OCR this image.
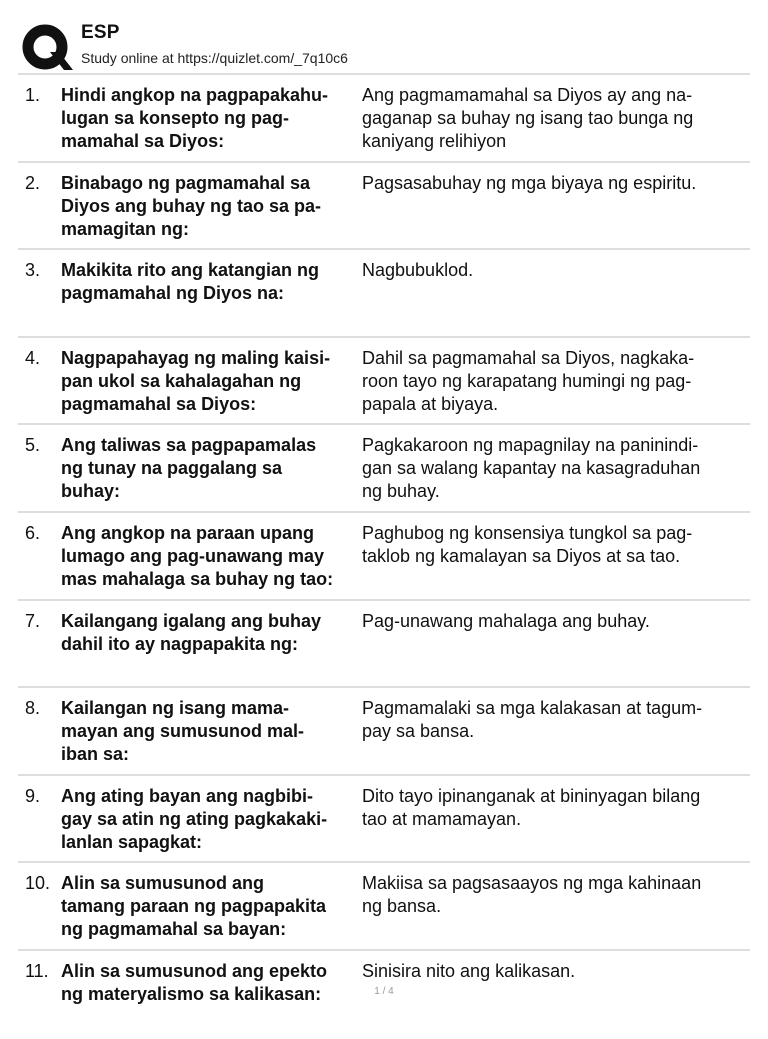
ESP
Study online at https://quizlet.com/_7q10c6
1. Hindi angkop na pagpapakahu-
lugan sa konsepto ng pag-
mamahal sa Diyos:
Ang pagmamamahal sa Diyos ay ang na-
gaganap sa buhay ng isang tao bunga ng
kaniyang relihiyon
2. Binabago ng pagmamahal sa
Diyos ang buhay ng tao sa pa-
mamagitan ng:
Pagsasabuhay ng mga biyaya ng espiritu.
3. Makikita rito ang katangian ng
pagmamahal ng Diyos na:
Nagbubuklod.
4. Nagpapahayag ng maling kaisi-
pan ukol sa kahalagahan ng
pagmamahal sa Diyos:
Dahil sa pagmamahal sa Diyos, nagkaka-
roon tayo ng karapatang humingi ng pag-
papala at biyaya.
5. Ang taliwas sa pagpapamalas
ng tunay na paggalang sa
buhay:
Pagkakaroon ng mapagnilay na paninindi-
gan sa walang kapantay na kasagraduhan
ng buhay.
6. Ang angkop na paraan upang
lumago ang pag-unawang may
mas mahalaga sa buhay ng tao:
Paghubog ng konsensiya tungkol sa pag-
taklob ng kamalayan sa Diyos at sa tao.
7. Kailangang igalang ang buhay
dahil ito ay nagpapakita ng:
Pag-unawang mahalaga ang buhay.
8. Kailangan ng isang mama-
mayan ang sumusunod mal-
iban sa:
Pagmamalaki sa mga kalakasan at tagum-
pay sa bansa.
9. Ang ating bayan ang nagbibi-
gay sa atin ng ating pagkakaki-
lanlan sapagkat:
Dito tayo ipinanganak at bininyagan bilang
tao at mamamayan.
10. Alin sa sumusunod ang
tamang paraan ng pagpapakita
ng pagmamahal sa bayan:
Makiisa sa pagsasaayos ng mga kahinaan
ng bansa.
11. Alin sa sumusunod ang epekto
ng materyalismo sa kalikasan:
Sinisira nito ang kalikasan.
1 / 4
